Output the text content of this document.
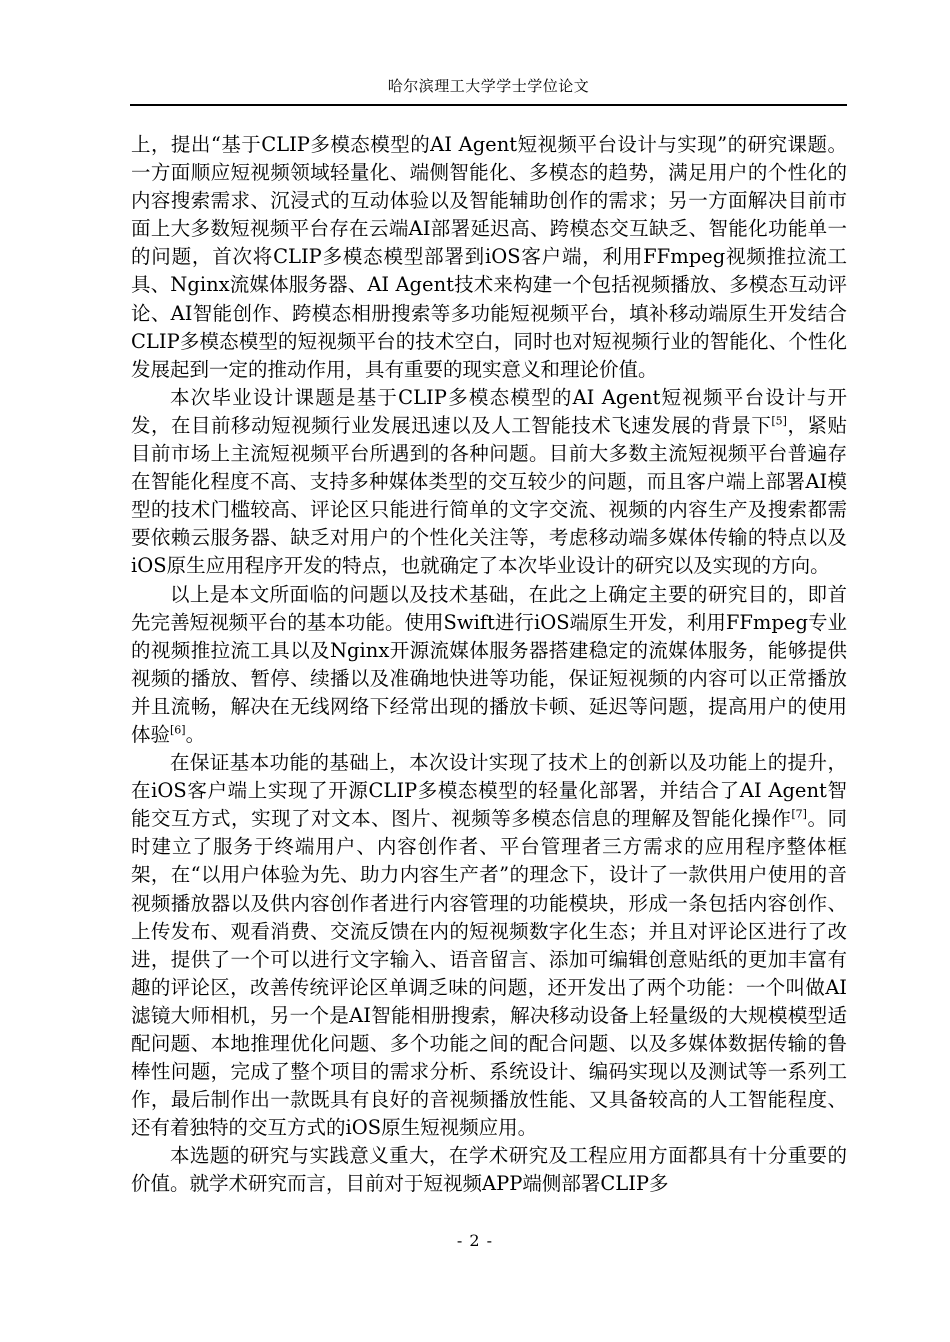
哈尔滨理工大学学士学位论文

上，提出“基于CLIP多模态模型的AI Agent短视频平台设计与实现”的研究课题。一方面顺应短视频领域轻量化、端侧智能化、多模态的趋势，满足用户的个性化的内容搜索需求、沉浸式的互动体验以及智能辅助创作的需求；另一方面解决目前市面上大多数短视频平台存在云端AI部署延迟高、跨模态交互缺乏、智能化功能单一的问题，首次将CLIP多模态模型部署到iOS客户端，利用FFmpeg视频推拉流工具、Nginx流媒体服务器、AI Agent技术来构建一个包括视频播放、多模态互动评论、AI智能创作、跨模态相册搜索等多功能短视频平台，填补移动端原生开发结合CLIP多模态模型的短视频平台的技术空白，同时也对短视频行业的智能化、个性化发展起到一定的推动作用，具有重要的现实意义和理论价值。

本次毕业设计课题是基于CLIP多模态模型的AI Agent短视频平台设计与开发，在目前移动短视频行业发展迅速以及人工智能技术飞速发展的背景下[5]，紧贴目前市场上主流短视频平台所遇到的各种问题。目前大多数主流短视频平台普遍存在智能化程度不高、支持多种媒体类型的交互较少的问题，而且客户端上部署AI模型的技术门槛较高、评论区只能进行简单的文字交流、视频的内容生产及搜索都需要依赖云服务器、缺乏对用户的个性化关注等，考虑移动端多媒体传输的特点以及iOS原生应用程序开发的特点，也就确定了本次毕业设计的研究以及实现的方向。

以上是本文所面临的问题以及技术基础，在此之上确定主要的研究目的，即首先完善短视频平台的基本功能。使用Swift进行iOS端原生开发，利用FFmpeg专业的视频推拉流工具以及Nginx开源流媒体服务器搭建稳定的流媒体服务，能够提供视频的播放、暂停、续播以及准确地快进等功能，保证短视频的内容可以正常播放并且流畅，解决在无线网络下经常出现的播放卡顿、延迟等问题，提高用户的使用体验[6]。

在保证基本功能的基础上，本次设计实现了技术上的创新以及功能上的提升，在iOS客户端上实现了开源CLIP多模态模型的轻量化部署，并结合了AI Agent智能交互方式，实现了对文本、图片、视频等多模态信息的理解及智能化操作[7]。同时建立了服务于终端用户、内容创作者、平台管理者三方需求的应用程序整体框架，在“以用户体验为先、助力内容生产者”的理念下，设计了一款供用户使用的音视频播放器以及供内容创作者进行内容管理的功能模块，形成一条包括内容创作、上传发布、观看消费、交流反馈在内的短视频数字化生态；并且对评论区进行了改进，提供了一个可以进行文字输入、语音留言、添加可编辑创意贴纸的更加丰富有趣的评论区，改善传统评论区单调乏味的问题，还开发出了两个功能：一个叫做AI滤镜大师相机，另一个是AI智能相册搜索，解决移动设备上轻量级的大规模模型适配问题、本地推理优化问题、多个功能之间的配合问题、以及多媒体数据传输的鲁棒性问题，完成了整个项目的需求分析、系统设计、编码实现以及测试等一系列工作，最后制作出一款既具有良好的音视频播放性能、又具备较高的人工智能程度、还有着独特的交互方式的iOS原生短视频应用。

本选题的研究与实践意义重大，在学术研究及工程应用方面都具有十分重要的价值。就学术研究而言，目前对于短视频APP端侧部署CLIP多

- 2 -
